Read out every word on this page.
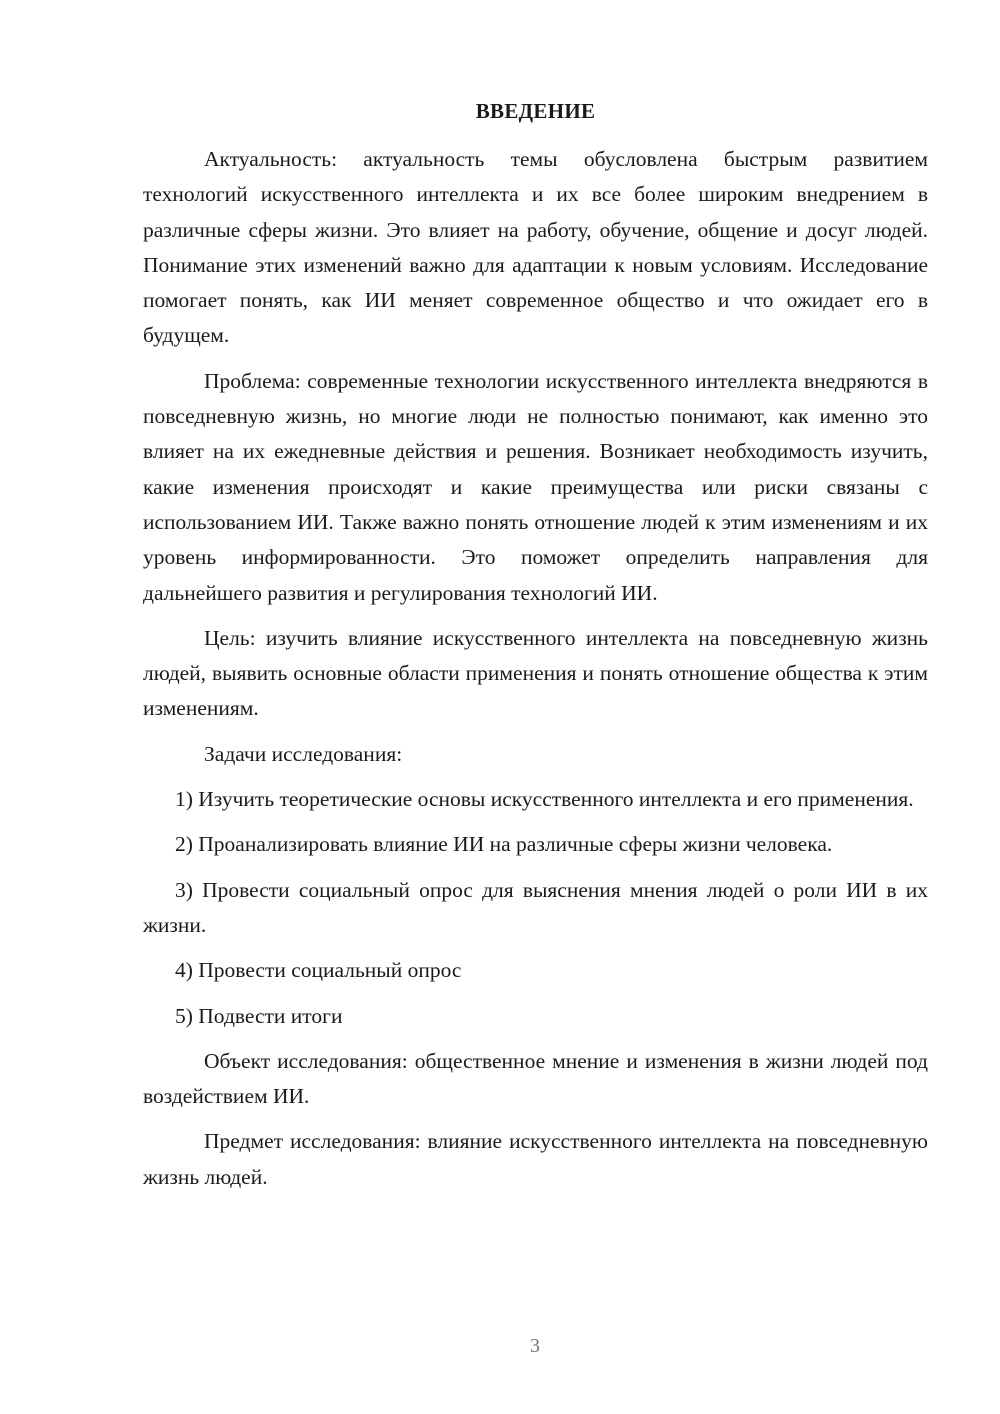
ВВЕДЕНИЕ

Актуальность: актуальность темы обусловлена быстрым развитием технологий искусственного интеллекта и их все более широким внедрением в различные сферы жизни. Это влияет на работу, обучение, общение и досуг людей. Понимание этих изменений важно для адаптации к новым условиям. Исследование помогает понять, как ИИ меняет современное общество и что ожидает его в будущем.

Проблема: современные технологии искусственного интеллекта внедряются в повседневную жизнь, но многие люди не полностью понимают, как именно это влияет на их ежедневные действия и решения. Возникает необходимость изучить, какие изменения происходят и какие преимущества или риски связаны с использованием ИИ. Также важно понять отношение людей к этим изменениям и их уровень информированности. Это поможет определить направления для дальнейшего развития и регулирования технологий ИИ.

Цель: изучить влияние искусственного интеллекта на повседневную жизнь людей, выявить основные области применения и понять отношение общества к этим изменениям.

Задачи исследования:

1) Изучить теоретические основы искусственного интеллекта и его применения.

2) Проанализировать влияние ИИ на различные сферы жизни человека.

3) Провести социальный опрос для выяснения мнения людей о роли ИИ в их жизни.

4) Провести социальный опрос

5) Подвести итоги

Объект исследования: общественное мнение и изменения в жизни людей под воздействием ИИ.

Предмет исследования: влияние искусственного интеллекта на повседневную жизнь людей.

3
